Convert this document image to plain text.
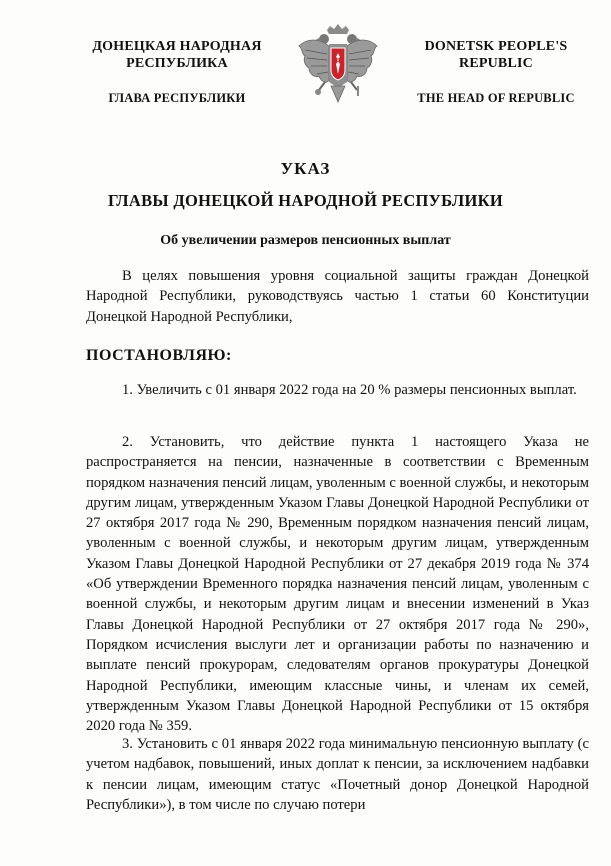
ДОНЕЦКАЯ НАРОДНАЯ РЕСПУБЛИКА
ГЛАВА РЕСПУБЛИКИ
DONETSK PEOPLE'S REPUBLIC
THE HEAD OF REPUBLIC
УКАЗ
ГЛАВЫ ДОНЕЦКОЙ НАРОДНОЙ РЕСПУБЛИКИ
Об увеличении размеров пенсионных выплат

В целях повышения уровня социальной защиты граждан Донецкой Народной Республики, руководствуясь частью 1 статьи 60 Конституции Донецкой Народной Республики,

ПОСТАНОВЛЯЮ:

1. Увеличить с 01 января 2022 года на 20 % размеры пенсионных выплат.

2. Установить, что действие пункта 1 настоящего Указа не распространяется на пенсии, назначенные в соответствии с Временным порядком назначения пенсий лицам, уволенным с военной службы, и некоторым другим лицам, утвержденным Указом Главы Донецкой Народной Республики от 27 октября 2017 года № 290, Временным порядком назначения пенсий лицам, уволенным с военной службы, и некоторым другим лицам, утвержденным Указом Главы Донецкой Народной Республики от 27 декабря 2019 года № 374 «Об утверждении Временного порядка назначения пенсий лицам, уволенным с военной службы, и некоторым другим лицам и внесении изменений в Указ Главы Донецкой Народной Республики от 27 октября 2017 года № 290», Порядком исчисления выслуги лет и организации работы по назначению и выплате пенсий прокурорам, следователям органов прокуратуры Донецкой Народной Республики, имеющим классные чины, и членам их семей, утвержденным Указом Главы Донецкой Народной Республики от 15 октября 2020 года № 359.

3. Установить с 01 января 2022 года минимальную пенсионную выплату (с учетом надбавок, повышений, иных доплат к пенсии, за исключением надбавки к пенсии лицам, имеющим статус «Почетный донор Донецкой Народной Республики»), в том числе по случаю потери
